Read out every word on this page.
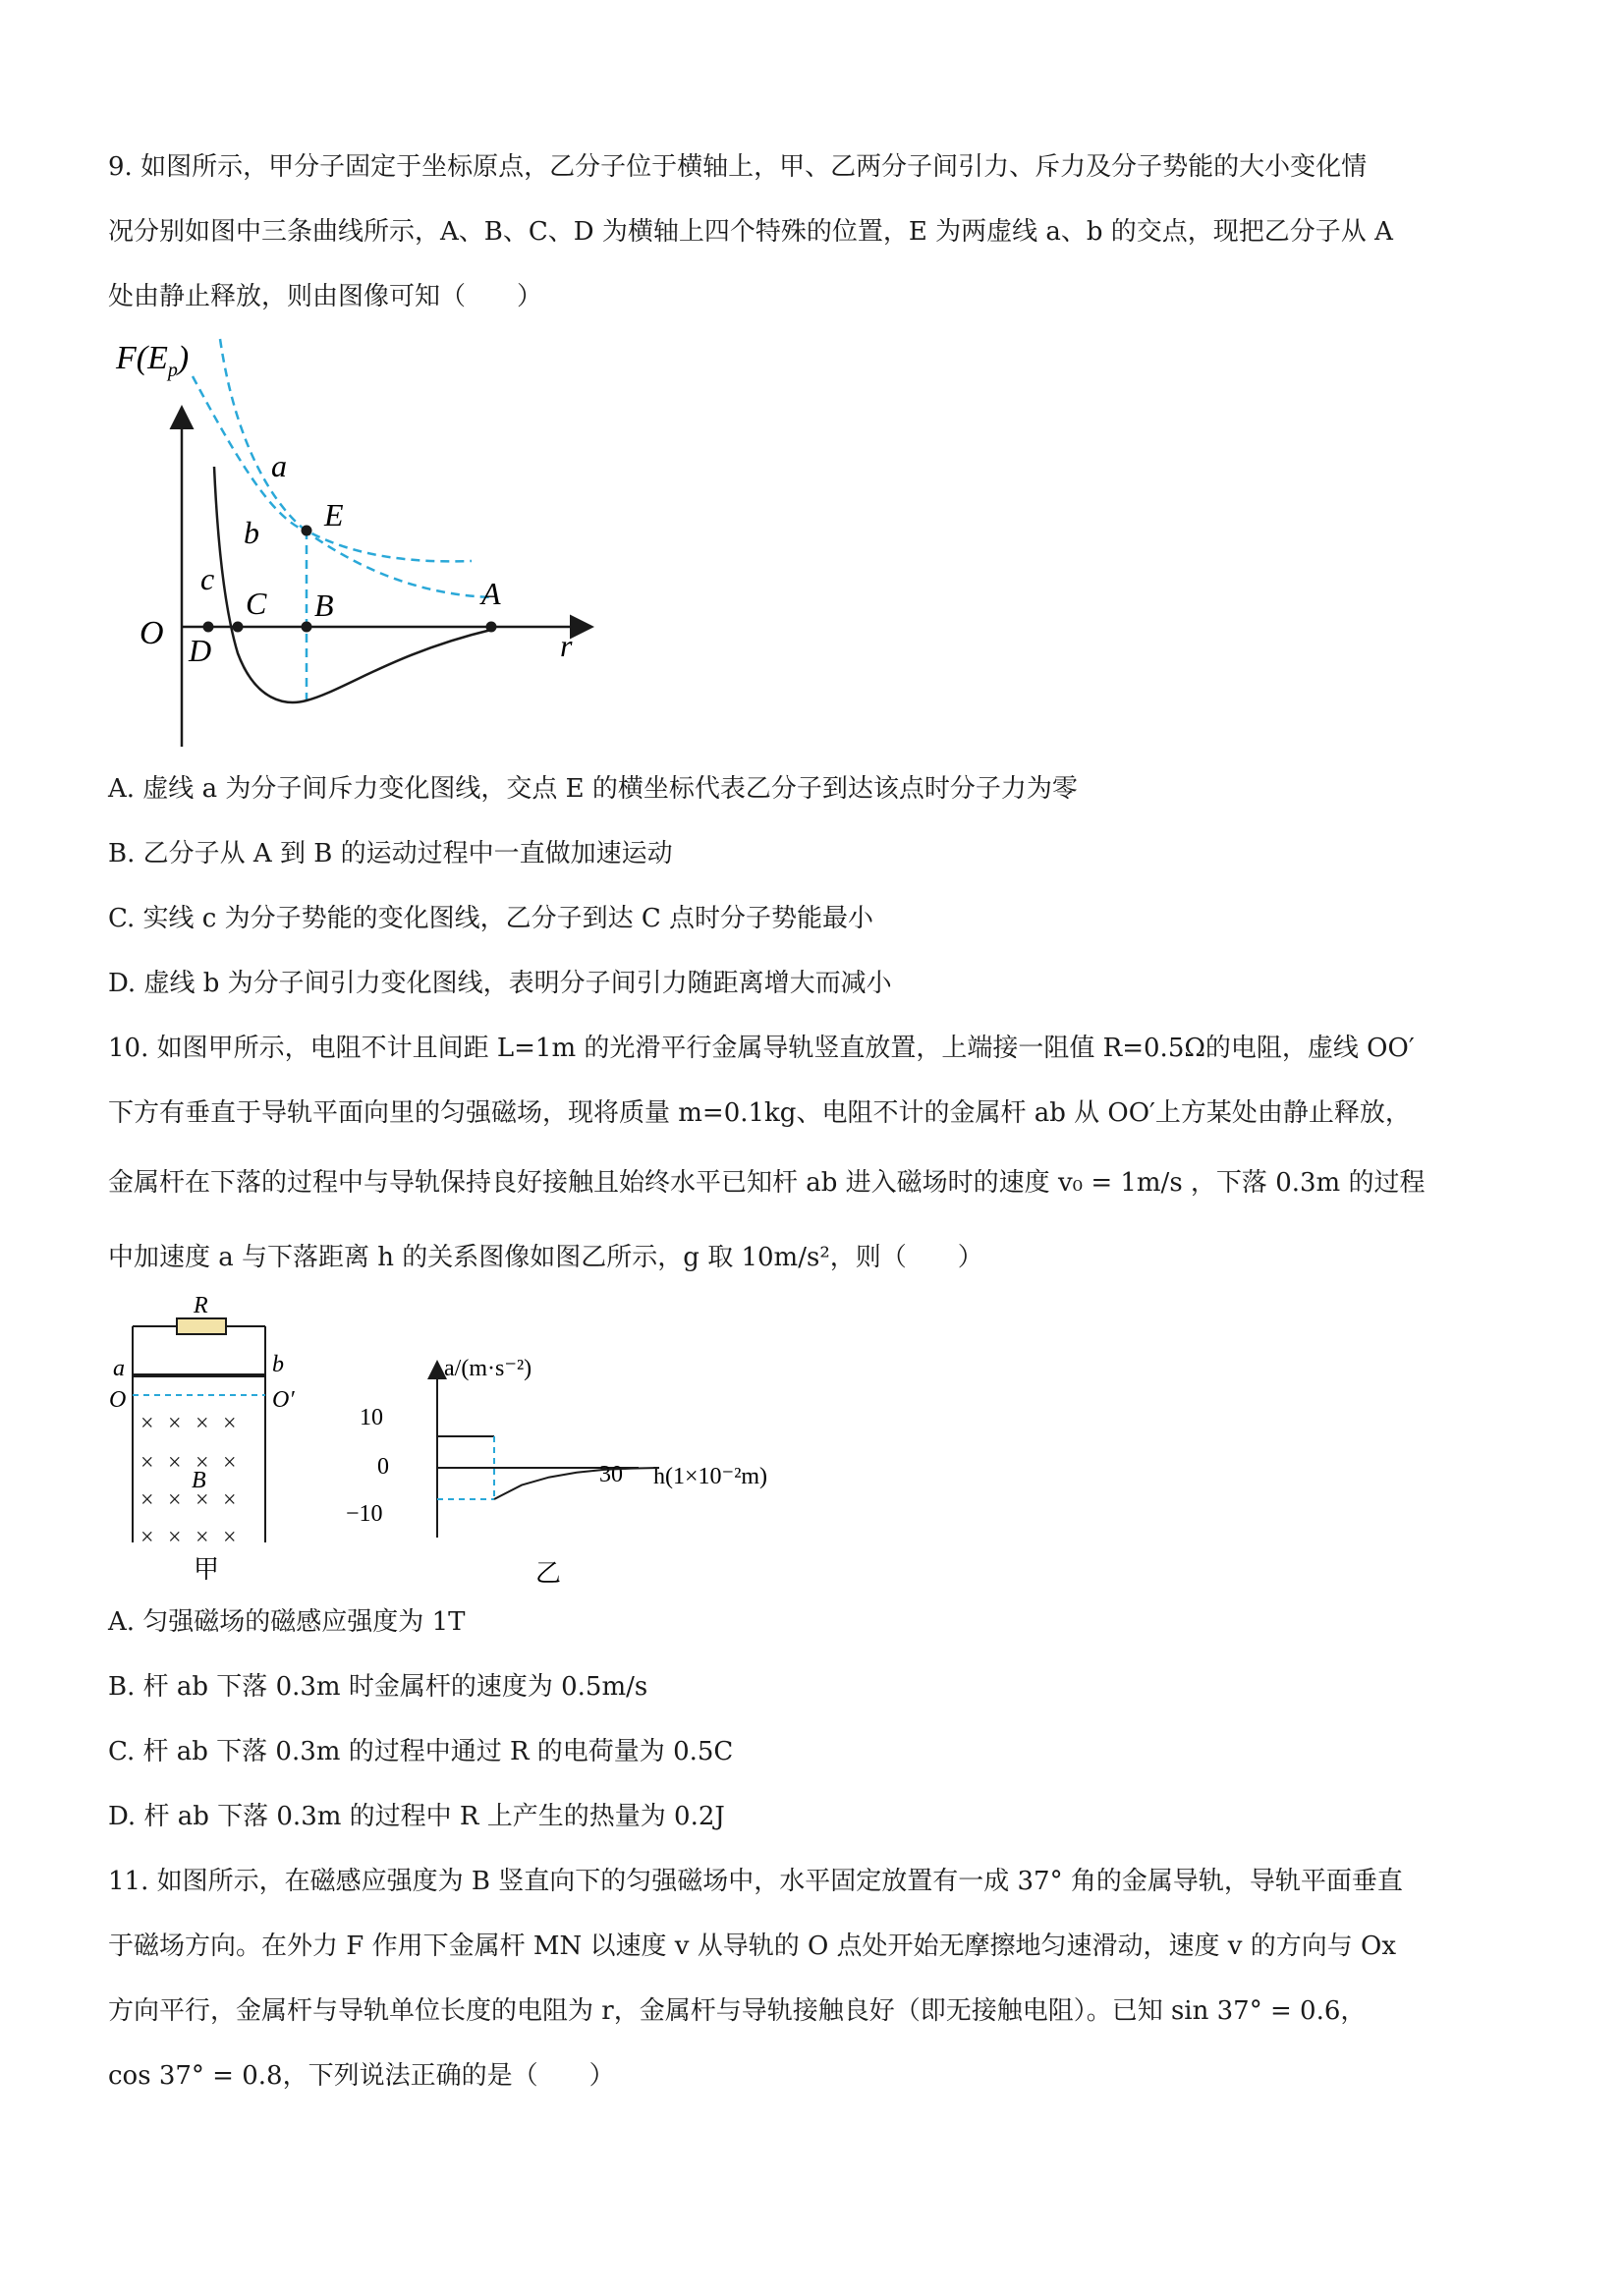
9. 如图所示，甲分子固定于坐标原点，乙分子位于横轴上，甲、乙两分子间引力、斥力及分子势能的大小变化情
况分别如图中三条曲线所示，A、B、C、D 为横轴上四个特殊的位置，E 为两虚线 a、b 的交点，现把乙分子从 A
处由静止释放，则由图像可知（　　）
$F(E_p)$
a
b E
c
C B	A
O D	r
A. 虚线 a 为分子间斥力变化图线，交点 E 的横坐标代表乙分子到达该点时分子力为零
B. 乙分子从 A 到 B 的运动过程中一直做加速运动
C. 实线 c 为分子势能的变化图线，乙分子到达 C 点时分子势能最小
D. 虚线 b 为分子间引力变化图线，表明分子间引力随距离增大而减小
10. 如图甲所示，电阻不计且间距 L=1m 的光滑平行金属导轨竖直放置，上端接一阻值 R=0.5Ω的电阻，虚线 OO′
下方有垂直于导轨平面向里的匀强磁场，现将质量 m=0.1kg、电阻不计的金属杆 ab 从 OO′上方某处由静止释放，
金属杆在下落的过程中与导轨保持良好接触且始终水平已知杆 ab 进入磁场时的速度 v₀ = 1m/s ，下落 0.3m 的过程
中加速度 a 与下落距离 h 的关系图像如图乙所示，g 取 10m/s²，则（　　）
R
a	b
O	O′
× × × ×
× × × ×
× × × ×
× × × ×
B
甲
a/(m·s⁻²)
10
0
−10
30 h(1×10⁻²m)
乙
A. 匀强磁场的磁感应强度为 1T
B. 杆 ab 下落 0.3m 时金属杆的速度为 0.5m/s
C. 杆 ab 下落 0.3m 的过程中通过 R 的电荷量为 0.5C
D. 杆 ab 下落 0.3m 的过程中 R 上产生的热量为 0.2J
11. 如图所示，在磁感应强度为 B 竖直向下的匀强磁场中，水平固定放置有一成 37° 角的金属导轨，导轨平面垂直
于磁场方向。在外力 F 作用下金属杆 MN 以速度 v 从导轨的 O 点处开始无摩擦地匀速滑动，速度 v 的方向与 Ox
方向平行，金属杆与导轨单位长度的电阻为 r，金属杆与导轨接触良好（即无接触电阻）。已知 sin 37° = 0.6，
cos 37° = 0.8，下列说法正确的是（　　）
